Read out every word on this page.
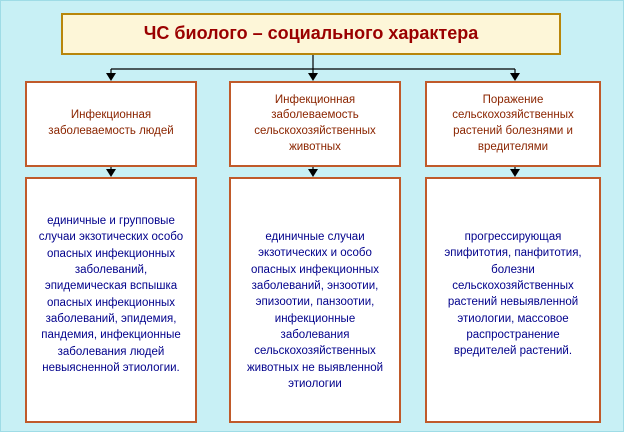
ЧС биолого – социального характера
Инфекционная заболеваемость людей
Инфекционная заболеваемость сельскохозяйственных животных
Поражение сельскохозяйственных растений болезнями и вредителями
единичные и групповые случаи экзотических особо опасных инфекционных заболеваний, эпидемическая вспышка опасных инфекционных заболеваний, эпидемия, пандемия, инфекционные заболевания людей невыясненной этиологии.
единичные случаи экзотических и особо опасных инфекционных заболеваний, энзоотии, эпизоотии, панзоотии, инфекционные заболевания сельскохозяйственных животных не выявленной этиологии
прогрессирующая эпифитотия, панфитотия, болезни сельскохозяйственных растений невыявленной этиологии, массовое распространение вредителей растений.
